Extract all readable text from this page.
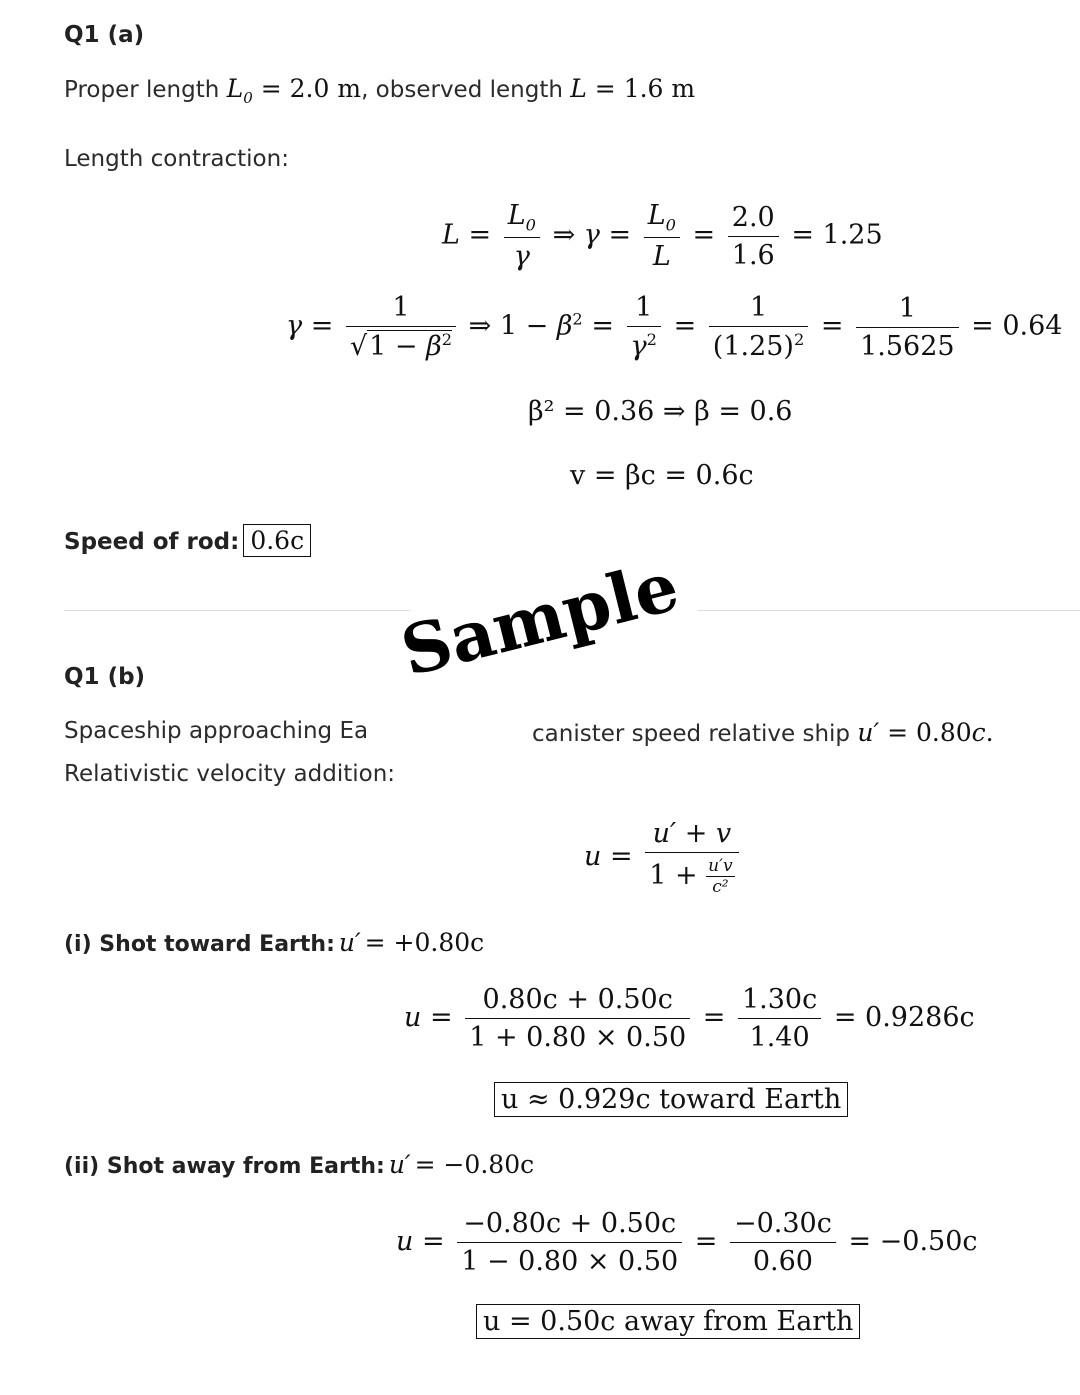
Q1 (a)
Proper length $L_0 = 2.0$ m, observed length L = 1.6 m
Length contraction:
$L = \frac{L_0}{\gamma}$ ⇒ $\gamma = \frac{L_0}{L} = \frac{2.0}{1.6} = 1.25$
$\gamma = \frac{1}{√1 - \beta^2}$ ⇒ $1 - \beta^2 = \frac{1}{\gamma^2} = \frac{1}{(1.25)^2} = \frac{1}{1.5625} = 0.64$
β² = 0.36 ⇒ β = 0.6
v = βc = 0.6c
Speed of rod: 0.6c
Q1 (b)
Spaceship approaching Ea	canister speed relative ship u′ = 0.80c.
Relativistic velocity addition:
Sample
$u = \frac{u' + v}{1 + \frac{u'v}{\text{c²}}}$
(i) Shot toward Earth: u′ = +0.80c
$u = \frac{0.80c + 0.50c}{1 + 0.80 \times 0.50} = \frac{1.30c}{1.40} = 0.9286c$
u ≈ 0.929c toward Earth
(ii) Shot away from Earth: u′ = −0.80c
$u = \frac{-0.80c + 0.50c}{1 - 0.80 \times 0.50} = \frac{-0.30c}{0.60} = -0.50c$
u = 0.50c away from Earth
